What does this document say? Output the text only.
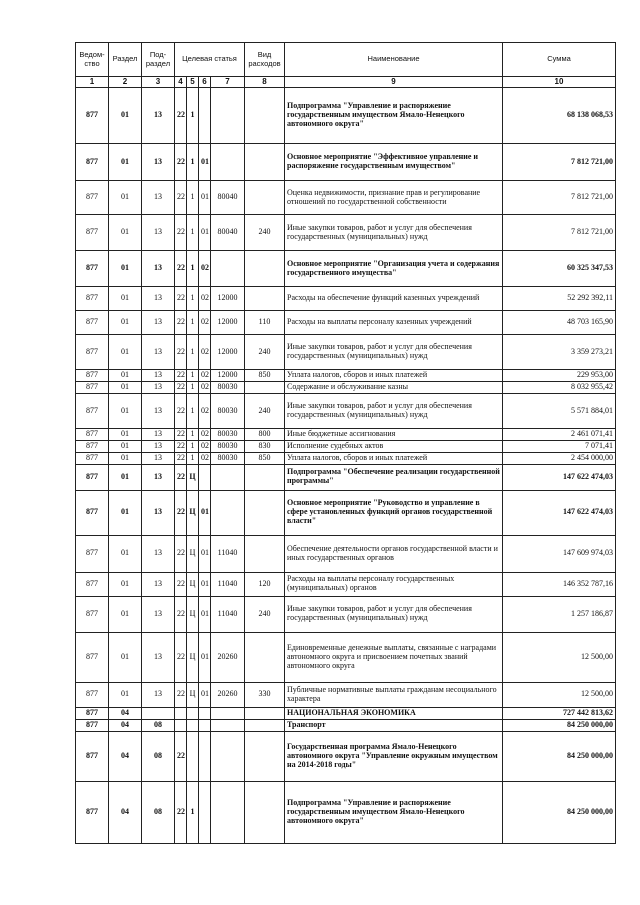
Ведом-ство	Раздел	Под-раздел	Целевая статья				Вид расходов	Наименование	Сумма
1	2	3	4	5	6	7	8	9	10
877	01	13	22	1				Подпрограмма "Управление и распоряжение государственным имуществом Ямало-Ненецкого автономного округа"	68 138 068,53
877	01	13	22	1	01			Основное мероприятие "Эффективное управление и распоряжение государственным имуществом"	7 812 721,00
877	01	13	22	1	01	80040		Оценка недвижимости, признание прав и регулирование отношений по государственной собственности	7 812 721,00
877	01	13	22	1	01	80040	240	Иные закупки товаров, работ и услуг для обеспечения государственных (муниципальных) нужд	7 812 721,00
877	01	13	22	1	02			Основное мероприятие "Организация учета и содержания государственного имущества"	60 325 347,53
877	01	13	22	1	02	12000		Расходы на обеспечение функций казенных учреждений	52 292 392,11
877	01	13	22	1	02	12000	110	Расходы на выплаты персоналу казенных учреждений	48 703 165,90
877	01	13	22	1	02	12000	240	Иные закупки товаров, работ и услуг для обеспечения государственных (муниципальных) нужд	3 359 273,21
877	01	13	22	1	02	12000	850	Уплата налогов, сборов и иных платежей	229 953,00
877	01	13	22	1	02	80030		Содержание и обслуживание казны	8 032 955,42
877	01	13	22	1	02	80030	240	Иные закупки товаров, работ и услуг для обеспечения государственных (муниципальных) нужд	5 571 884,01
877	01	13	22	1	02	80030	800	Иные бюджетные ассигнования	2 461 071,41
877	01	13	22	1	02	80030	830	Исполнение судебных актов	7 071,41
877	01	13	22	1	02	80030	850	Уплата налогов, сборов и иных платежей	2 454 000,00
877	01	13	22	Ц				Подпрограмма "Обеспечение реализации государственной программы"	147 622 474,03
877	01	13	22	Ц	01			Основное мероприятие "Руководство и управление в сфере установленных функций органов государственной власти"	147 622 474,03
877	01	13	22	Ц	01	11040		Обеспечение деятельности органов государственной власти и иных государственных органов	147 609 974,03
877	01	13	22	Ц	01	11040	120	Расходы на выплаты персоналу государственных (муниципальных) органов	146 352 787,16
877	01	13	22	Ц	01	11040	240	Иные закупки товаров, работ и услуг для обеспечения государственных (муниципальных) нужд	1 257 186,87
877	01	13	22	Ц	01	20260		Единовременные денежные выплаты, связанные с наградами автономного округа и присвоением почетных званий автономного округа	12 500,00
877	01	13	22	Ц	01	20260	330	Публичные нормативные выплаты гражданам несоциального характера	12 500,00
877	04							НАЦИОНАЛЬНАЯ ЭКОНОМИКА	727 442 813,62
877	04	08						Транспорт	84 250 000,00
877	04	08	22					Государственная программа Ямало-Ненецкого автономного округа "Управление окружным имуществом на 2014-2018 годы"	84 250 000,00
877	04	08	22	1				Подпрограмма "Управление и распоряжение государственным имуществом Ямало-Ненецкого автономного округа"	84 250 000,00
